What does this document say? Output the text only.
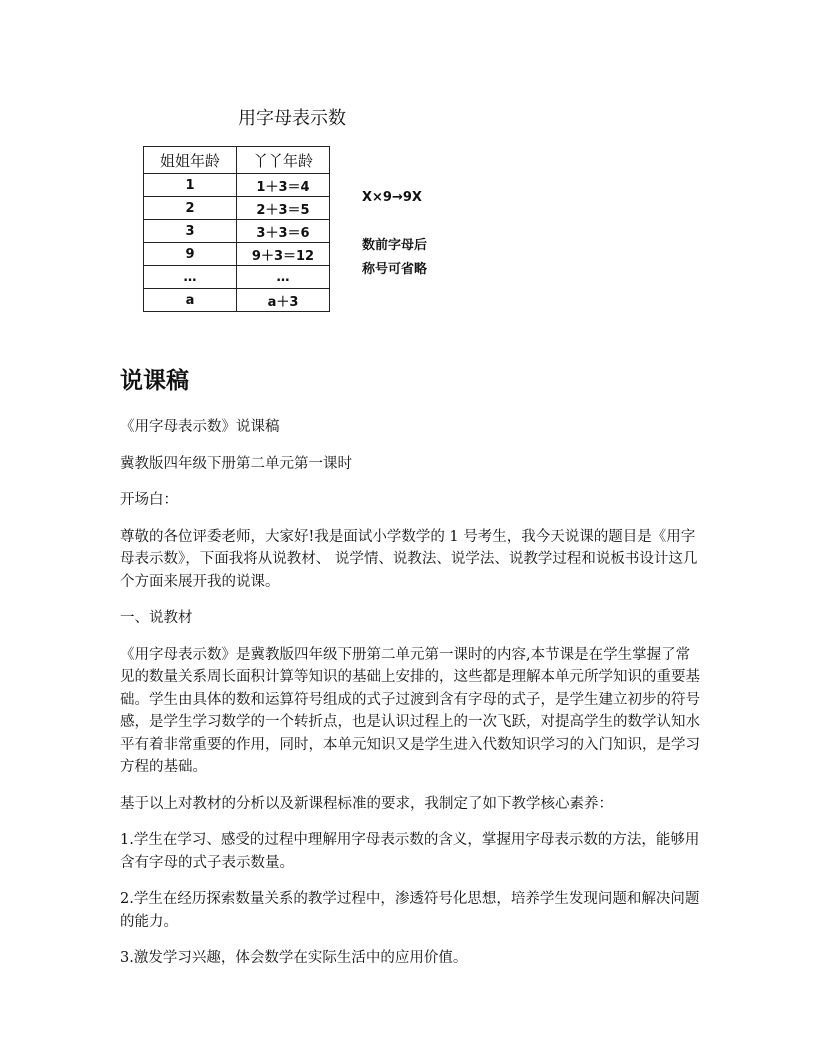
用字母表示数
姐姐年龄	丫丫年龄
1	1＋3＝4
2	2＋3＝5
3	3＋3＝6
9	9＋3＝12
…	…
a	a＋3
X×9→9X
数前字母后
称号可省略
说课稿

《用字母表示数》说课稿

冀教版四年级下册第二单元第一课时

开场白：

尊敬的各位评委老师，大家好!我是面试小学数学的 1 号考生，我今天说课的题目是《用字母表示数》，下面我将从说教材、 说学情、说教法、说学法、说教学过程和说板书设计这几个方面来展开我的说课。

一、说教材

《用字母表示数》是冀教版四年级下册第二单元第一课时的内容,本节课是在学生掌握了常见的数量关系周长面积计算等知识的基础上安排的，这些都是理解本单元所学知识的重要基础。学生由具体的数和运算符号组成的式子过渡到含有字母的式子，是学生建立初步的符号感，是学生学习数学的一个转折点，也是认识过程上的一次飞跃，对提高学生的数学认知水平有着非常重要的作用，同时，本单元知识又是学生进入代数知识学习的入门知识，是学习方程的基础。

基于以上对教材的分析以及新课程标准的要求，我制定了如下教学核心素养：

1.学生在学习、感受的过程中理解用字母表示数的含义，掌握用字母表示数的方法，能够用含有字母的式子表示数量。

2.学生在经历探索数量关系的教学过程中，渗透符号化思想，培养学生发现问题和解决问题的能力。

3.激发学习兴趣，体会数学在实际生活中的应用价值。
